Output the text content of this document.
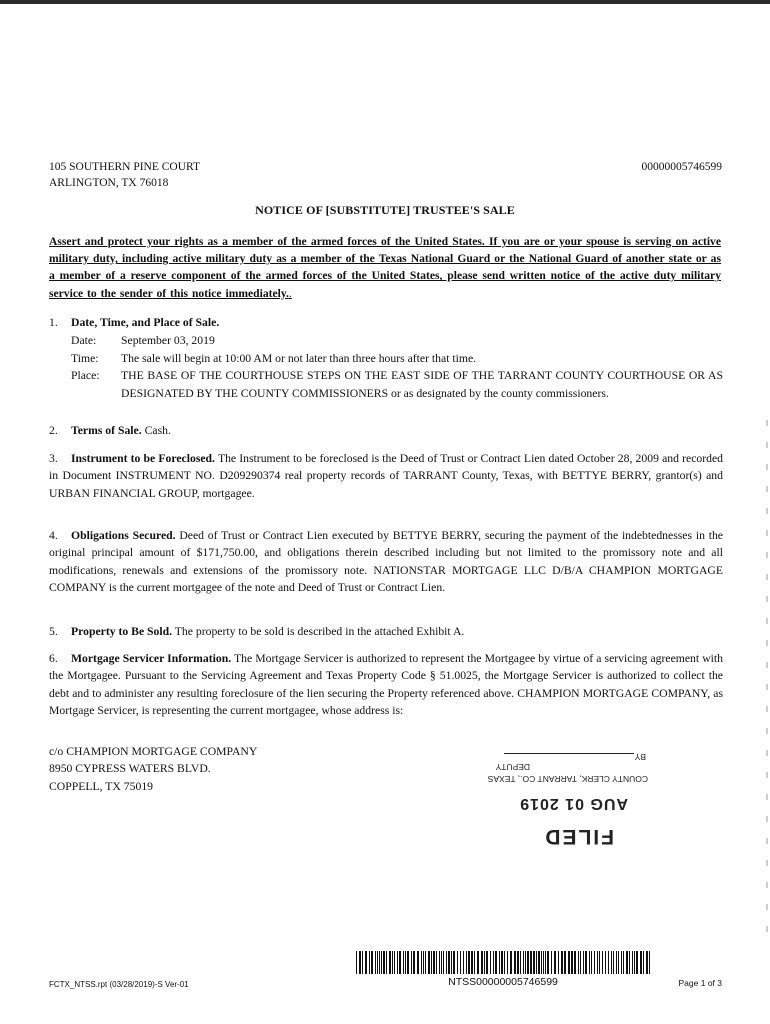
105 SOUTHERN PINE COURT
ARLINGTON, TX 76018
00000005746599
NOTICE OF [SUBSTITUTE] TRUSTEE'S SALE
Assert and protect your rights as a member of the armed forces of the United States. If you are or your spouse is serving on active military duty, including active military duty as a member of the Texas National Guard or the National Guard of another state or as a member of a reserve component of the armed forces of the United States, please send written notice of the active duty military service to the sender of this notice immediately..
1. Date, Time, and Place of Sale.
Date:	September 03, 2019
Time:	The sale will begin at 10:00 AM or not later than three hours after that time.
Place:	THE BASE OF THE COURTHOUSE STEPS ON THE EAST SIDE OF THE TARRANT COUNTY COURTHOUSE OR AS DESIGNATED BY THE COUNTY COMMISSIONERS or as designated by the county commissioners.
2. Terms of Sale. Cash.
3. Instrument to be Foreclosed. The Instrument to be foreclosed is the Deed of Trust or Contract Lien dated October 28, 2009 and recorded in Document INSTRUMENT NO. D209290374 real property records of TARRANT County, Texas, with BETTYE BERRY, grantor(s) and URBAN FINANCIAL GROUP, mortgagee.
4. Obligations Secured. Deed of Trust or Contract Lien executed by BETTYE BERRY, securing the payment of the indebtednesses in the original principal amount of $171,750.00, and obligations therein described including but not limited to the promissory note and all modifications, renewals and extensions of the promissory note. NATIONSTAR MORTGAGE LLC D/B/A CHAMPION MORTGAGE COMPANY is the current mortgagee of the note and Deed of Trust or Contract Lien.
5. Property to Be Sold. The property to be sold is described in the attached Exhibit A.
6. Mortgage Servicer Information. The Mortgage Servicer is authorized to represent the Mortgagee by virtue of a servicing agreement with the Mortgagee. Pursuant to the Servicing Agreement and Texas Property Code § 51.0025, the Mortgage Servicer is authorized to collect the debt and to administer any resulting foreclosure of the lien securing the Property referenced above. CHAMPION MORTGAGE COMPANY, as Mortgage Servicer, is representing the current mortgagee, whose address is:
c/o CHAMPION MORTGAGE COMPANY
8950 CYPRESS WATERS BLVD.
COPPELL, TX 75019
FILED
AUG 01 2019
COUNTY CLERK, TARRANT CO., TEXAS
DEPUTY
BY
NTSS00000005746599
FCTX_NTSS.rpt (03/28/2019)-S Ver-01	Page 1 of 3
